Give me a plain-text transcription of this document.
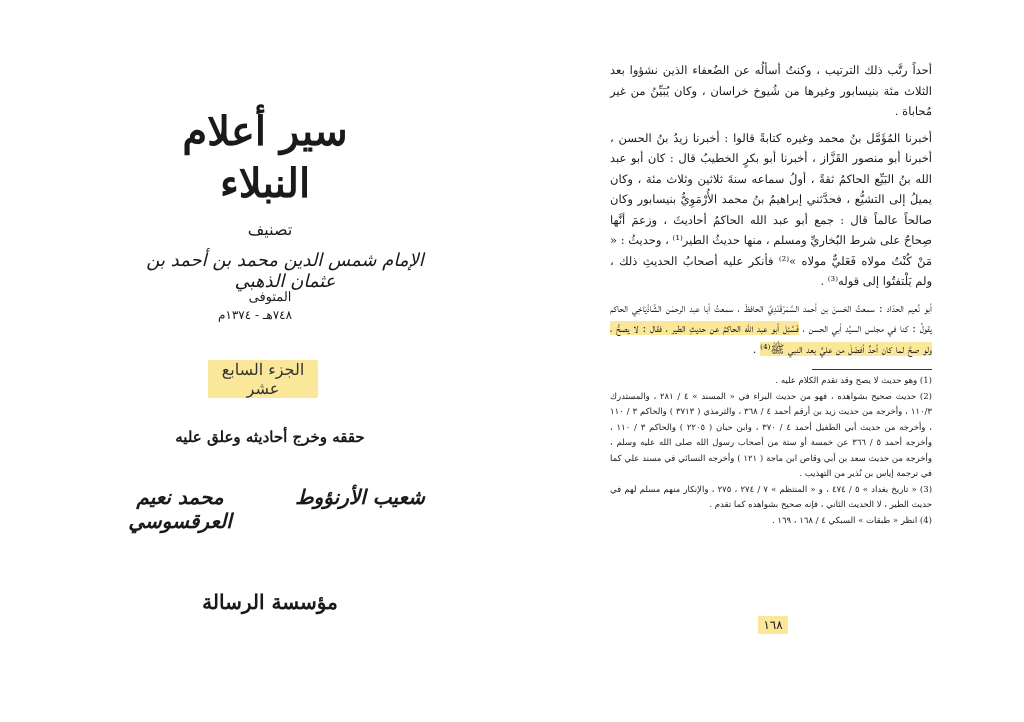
سير أعلام النبلاء
تصنيف
الإمام شمس الدين محمد بن أحمد بن عثمان الذهبي
المتوفى
٧٤٨هـ - ١٣٧٤م
الجزء السابع عشر
حققه وخرج أحاديثه وعلق عليه
شعيب الأرنؤوط
محمد نعيم العرقسوسي
مؤسسة الرسالة

أحداً رتَّب ذلك الترتيب ، وكنتُ أسألُه عن الضُعفاء الذين نشؤوا بعد الثلاث مئة بنيسابور وغيرها من شُيوخ خراسان ، وكان يُبَيِّنُ من غير مُحاباة .

أخبرنا المُؤَمَّل بنُ محمد وغيره كتابةً قالوا : أخبرنا زيدُ بنُ الحسن ، أخبرنا أبو منصور القَزَّاز ، أخبرنا أبو بكرٍ الخطيبُ قال : كان أبو عبد الله بنُ البَيِّع الحاكمُ ثقةً ، أولُ سماعه سنةَ ثلاثين وثلاث مئة ، وكان يميلُ إلى التشيُّع ، فحدَّثني إبراهيمُ بنُ محمد الأُرْمَوِيُّ بنيسابور وكان صالحاً عالماً قال : جمع أبو عبد الله الحاكمُ أحاديثَ ، وزعمَ أنَّها صِحاحٌ على شرط البُخاريِّ ومسلم ، منها حديثُ الطير⁽¹⁾ ، وحديثُ : « مَنْ كُنْتُ مولاه فَعَليٌّ مولاه »⁽²⁾ فأنكر عليه أصحابُ الحديثِ ذلك ، ولم يَلْتفتُوا إلى قوله⁽³⁾ .

أبو نُعيم الحدّاد : سمعتُ الحَسنَ بن أحمد السَّمَرْقَنْدِيَّ الحافظَ ، سمعتُ أبا عبد الرحمٰن الشَّاذْيَاخِي الحاكم يقولُ : كنا في مجلس السيِّد أبي الحسن ، فَسُئِل أبو عبد الله الحاكمُ عن حديثِ الطير ، فقال : لا يصحُّ ، ولو صحَّ لما كان أحدٌ أفضَلَ من عليٍّ بعد النبي ﷺ⁽⁴⁾ .

(1) وهو حديث لا يصح وقد تقدم الكلام عليه .

(2) حديث صحيح بشواهده ، فهو من حديث البراء في « المسند » ٤ / ٢٨١ ، والمستدرك ١١٠/٣ ، وأخرجه من حديث زيد بن أرقم أحمد ٤ / ٣٦٨ ، والترمذي ( ٣٧١٣ ) والحاكم ٣ / ١١٠ ، وأخرجه من حديث أبي الطفيل أحمد ٤ / ٣٧٠ ، وابن حبان ( ٢٢٠٥ ) والحاكم ٣ / ١١٠ ، وأخرجه أحمد ٥ / ٣٦٦ عن خمسة أو ستة من أصحاب رسول الله صلى الله عليه وسلم ، وأخرجه من حديث سعد بن أبي وقاص ابن ماجة ( ١٢١ ) وأخرجه النسائي في مسند علي كما في ترجمة إياس بن نُذير من التهذيب .

(3) « تاريخ بغداد » ٥ / ٤٧٤ ، و « المنتظم » ٧ / ٢٧٤ ، ٢٧٥ ، والإنكار منهم مسلم لهم في حديث الطير ، لا الحديث الثاني ، فإنه صحيح بشواهده كما تقدم .

(4) انظر « طبقات » السبكي ٤ / ١٦٨ ، ١٦٩ .

١٦٨
